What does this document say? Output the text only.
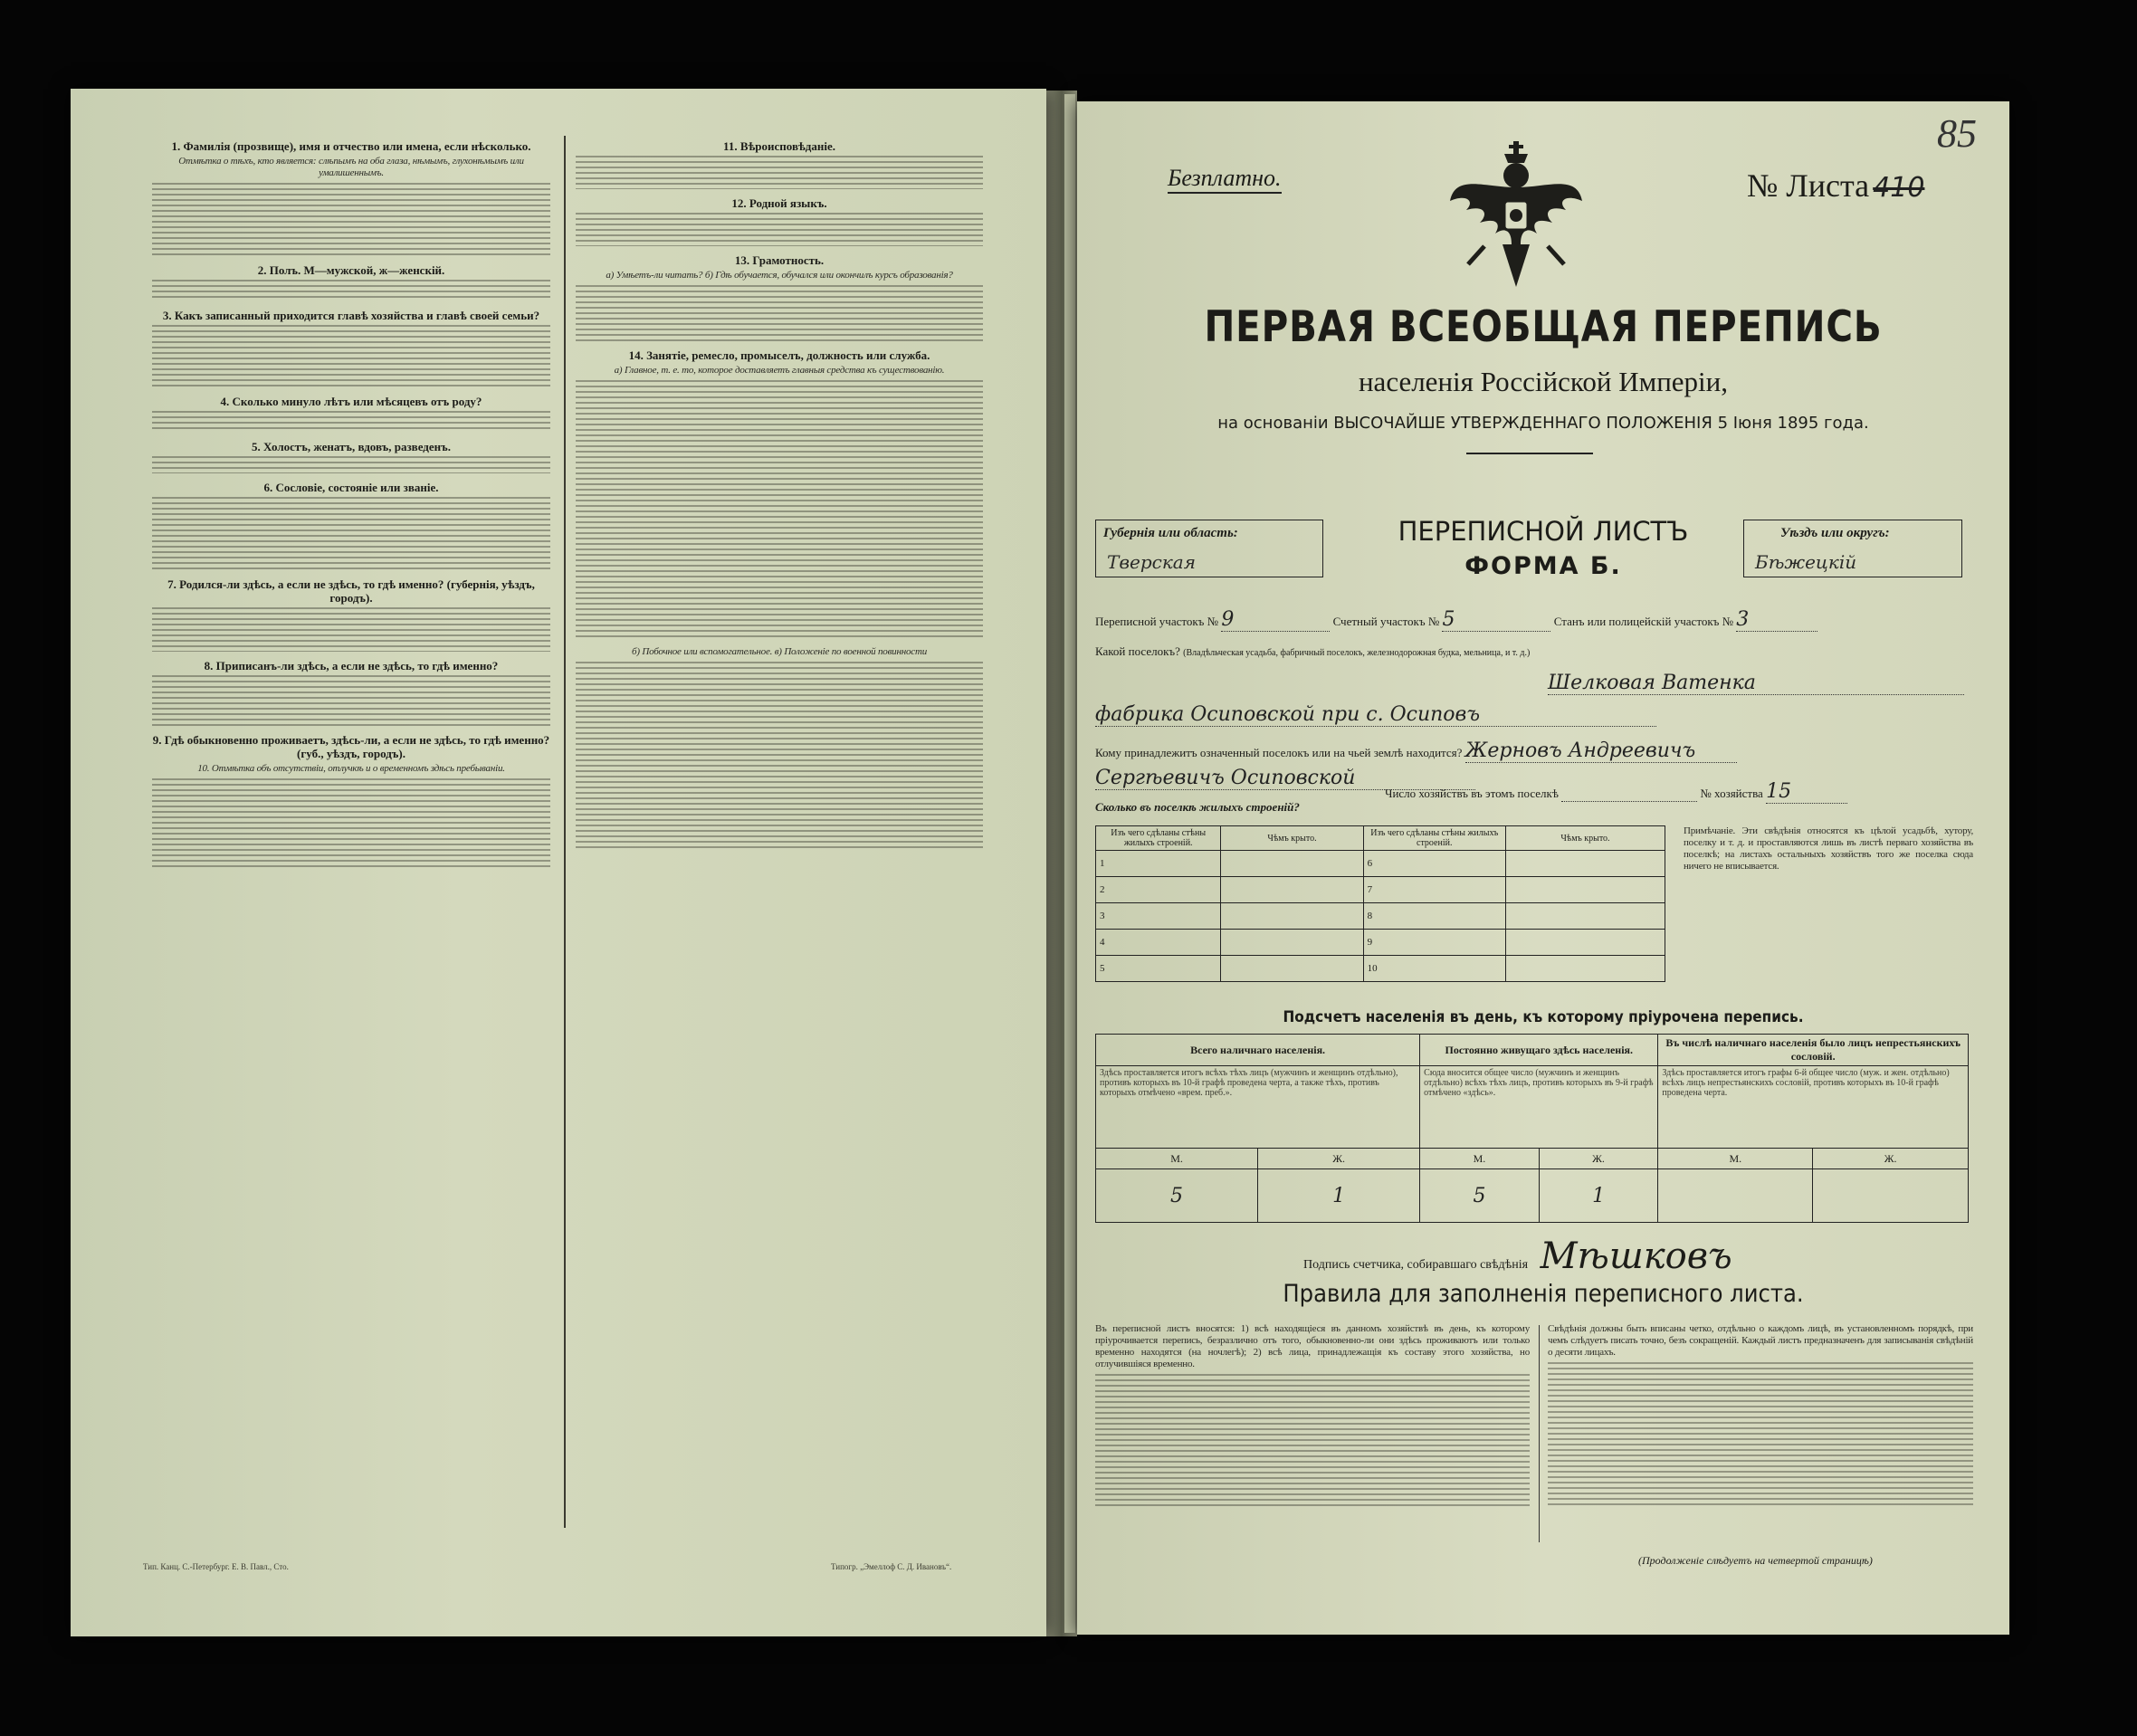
1. Фамилія (прозвище), имя и отчество или имена, если нѣсколько.

Отмѣтка о тѣхъ, кто является: слѣпымъ на оба глаза, нѣмымъ, глухонѣмымъ или умалишеннымъ.

2. Полъ. М—мужской, ж—женскій.
3. Какъ записанный приходится главѣ хозяйства и главѣ своей семьи?
4. Сколько минуло лѣтъ или мѣсяцевъ отъ роду?
5. Холостъ, женатъ, вдовъ, разведенъ.
6. Сословіе, состояніе или званіе.
7. Родился-ли здѣсь, а если не здѣсь, то гдѣ именно? (губернія, уѣздъ, городъ).
8. Приписанъ-ли здѣсь, а если не здѣсь, то гдѣ именно?
9. Гдѣ обыкновенно проживаетъ, здѣсь-ли, а если не здѣсь, то гдѣ именно? (губ., уѣздъ, городъ).

10. Отмѣтка объ отсутствіи, отлучкѣ и о временномъ здѣсь пребываніи.

11. Вѣроисповѣданіе.
12. Родной языкъ.
13. Грамотность.

а) Умѣетъ-ли читать? б) Гдѣ обучается, обучался или окончилъ курсъ образованія?

14. Занятіе, ремесло, промыселъ, должность или служба.

а) Главное, т. е. то, которое доставляетъ главныя средства къ существованію.

б) Побочное или вспомогательное. в) Положеніе по военной повинности

Тип. Канц. С.-Петербург. Е. В. Павл., Сто.	Типогр. „Эмеллоф С. Д. Ивановъ“.
85
Безплатно.	№ Листа 410
ПЕРВАЯ ВСЕОБЩАЯ ПЕРЕПИСЬ
населенія Россійской Имперіи,
на основаніи ВЫСОЧАЙШЕ УТВЕРЖДЕННАГО ПОЛОЖЕНІЯ 5 Іюня 1895 года.
Губернія или область:
Тверская
ПЕРЕПИСНОЙ ЛИСТЪ
ФОРМА Б.
Уѣздъ или округъ:
Бѣжецкій
Переписной участокъ № 9	Счетный участокъ № 5	Станъ или полицейскій участокъ № 3
Какой поселокъ? (Владѣльческая усадьба, фабричный поселокъ, железнодорожная будка, мельница, и т. д.)
Шелковая Ватенка
фабрика Осиповской при с. Осиповъ
Кому принадлежитъ означенный поселокъ или на чьей землѣ находится? Жерновъ Андреевичъ
Сергѣевичъ Осиповской
Число хозяйствъ въ этомъ поселкѣ	№ хозяйства 15
Сколько въ поселкѣ жилыхъ строеній?
Изъ чего сдѣланы стѣны жилыхъ строеній.	Чѣмъ крыто.	Изъ чего сдѣланы стѣны жилыхъ строеній.	Чѣмъ крыто.
1		6	
2		7	
3		8	
4		9	
5		10	
Примѣчаніе. Эти свѣдѣнія относятся къ цѣлой усадьбѣ, хутору, поселку и т. д. и проставляются лишь въ листѣ перваго хозяйства въ поселкѣ; на листахъ остальныхъ хозяйствъ того же поселка сюда ничего не вписывается.
Подсчетъ населенія въ день, къ которому пріурочена перепись.
Всего наличнаго населенія.		Постоянно живущаго здѣсь населенія.		Въ числѣ наличнаго населенія было лицъ непрестьянскихъ сословій.	
Здѣсь проставляется итогъ всѣхъ тѣхъ лицъ (мужчинъ и женщинъ отдѣльно), противъ которыхъ въ 10-й графѣ проведена черта, а также тѣхъ, противъ которыхъ отмѣчено «врем. преб.».		Сюда вносится общее число (мужчинъ и женщинъ отдѣльно) всѣхъ тѣхъ лицъ, противъ которыхъ въ 9-й графѣ отмѣчено «здѣсь».		Здѣсь проставляется итогъ графы 6-й общее число (муж. и жен. отдѣльно) всѣхъ лицъ непрестьянскихъ сословій, противъ которыхъ въ 10-й графѣ проведена черта.	
М.	Ж.	М.	Ж.	М.	Ж.
5	1	5	1		
Подпись счетчика, собиравшаго свѣдѣнія Мѣшковъ
Правила для заполненія переписного листа.

Въ переписной листъ вносятся: 1) всѣ находящіеся въ данномъ хозяйствѣ въ день, къ которому пріурочивается перепись, безразлично отъ того, обыкновенно-ли они здѣсь проживаютъ или только временно находятся (на ночлегѣ); 2) всѣ лица, принадлежащія къ составу этого хозяйства, но отлучившіяся временно.

Свѣдѣнія должны быть вписаны четко, отдѣльно о каждомъ лицѣ, въ установленномъ порядкѣ, при чемъ слѣдуетъ писать точно, безъ сокращеній. Каждый листъ предназначенъ для записыванія свѣдѣній о десяти лицахъ.

(Продолженіе слѣдуетъ на четвертой страницѣ)
